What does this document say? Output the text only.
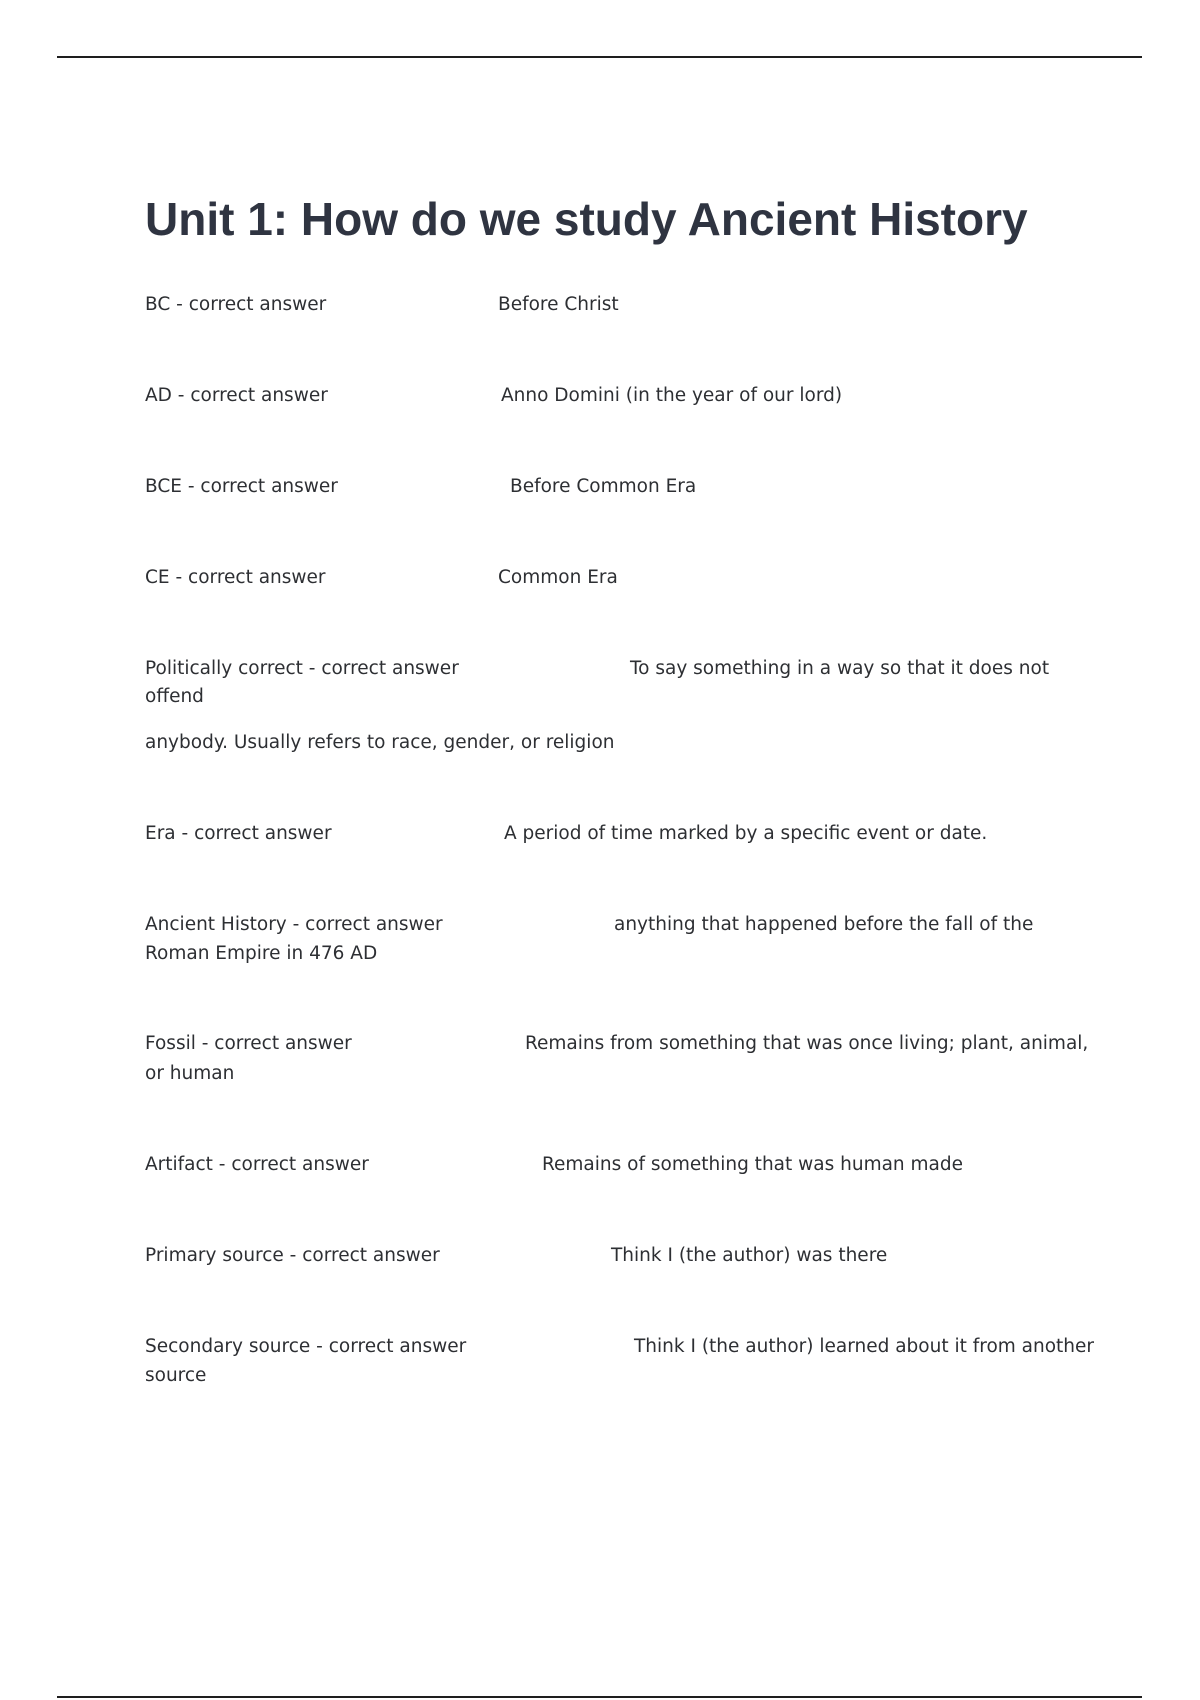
Unit 1: How do we study Ancient History
BC - correct answer	Before Christ
AD - correct answer	Anno Domini (in the year of our lord)
BCE - correct answer	Before Common Era
CE - correct answer	Common Era
Politically correct - correct answer	To say something in a way so that it does not
offend
anybody. Usually refers to race, gender, or religion
Era - correct answer	A period of time marked by a specific event or date.
Ancient History - correct answer	anything that happened before the fall of the
Roman Empire in 476 AD
Fossil - correct answer	Remains from something that was once living; plant, animal,
or human
Artifact - correct answer	Remains of something that was human made
Primary source - correct answer	Think I (the author) was there
Secondary source - correct answer	Think I (the author) learned about it from another
source
